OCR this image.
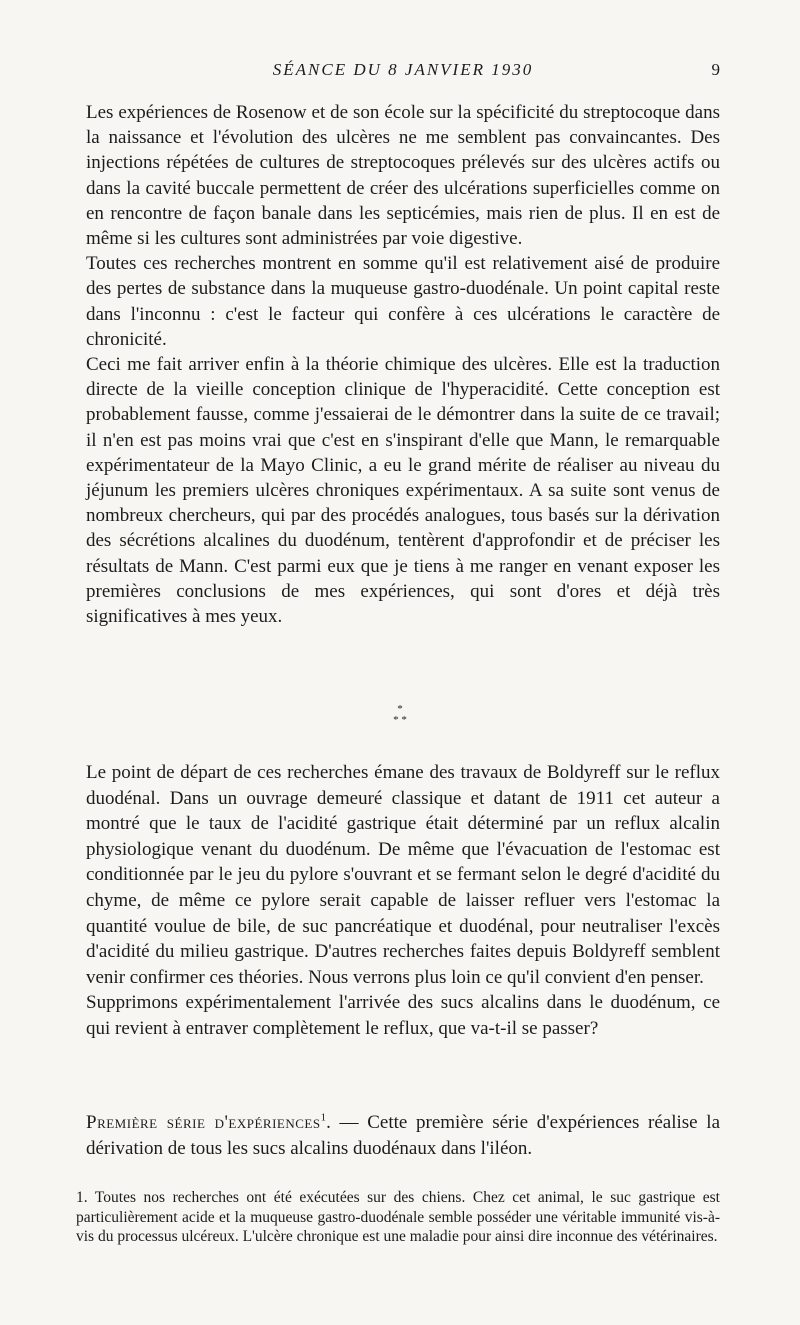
SÉANCE DU 8 JANVIER 1930	9

Les expériences de Rosenow et de son école sur la spécificité du streptocoque dans la naissance et l'évolution des ulcères ne me semblent pas convaincantes. Des injections répétées de cultures de streptocoques prélevés sur des ulcères actifs ou dans la cavité buccale permettent de créer des ulcérations superficielles comme on en rencontre de façon banale dans les septicémies, mais rien de plus. Il en est de même si les cultures sont administrées par voie digestive.

Toutes ces recherches montrent en somme qu'il est relativement aisé de produire des pertes de substance dans la muqueuse gastro-duodénale. Un point capital reste dans l'inconnu : c'est le facteur qui confère à ces ulcérations le caractère de chronicité.

Ceci me fait arriver enfin à la théorie chimique des ulcères. Elle est la traduction directe de la vieille conception clinique de l'hyperacidité. Cette conception est probablement fausse, comme j'essaierai de le démontrer dans la suite de ce travail; il n'en est pas moins vrai que c'est en s'inspirant d'elle que Mann, le remarquable expérimentateur de la Mayo Clinic, a eu le grand mérite de réaliser au niveau du jéjunum les premiers ulcères chroniques expérimentaux. A sa suite sont venus de nombreux chercheurs, qui par des procédés analogues, tous basés sur la dérivation des sécrétions alcalines du duodénum, tentèrent d'approfondir et de préciser les résultats de Mann. C'est parmi eux que je tiens à me ranger en venant exposer les premières conclusions de mes expériences, qui sont d'ores et déjà très significatives à mes yeux.

*
* *

Le point de départ de ces recherches émane des travaux de Boldyreff sur le reflux duodénal. Dans un ouvrage demeuré classique et datant de 1911 cet auteur a montré que le taux de l'acidité gastrique était déterminé par un reflux alcalin physiologique venant du duodénum. De même que l'évacuation de l'estomac est conditionnée par le jeu du pylore s'ouvrant et se fermant selon le degré d'acidité du chyme, de même ce pylore serait capable de laisser refluer vers l'estomac la quantité voulue de bile, de suc pancréatique et duodénal, pour neutraliser l'excès d'acidité du milieu gastrique. D'autres recherches faites depuis Boldyreff semblent venir confirmer ces théories. Nous verrons plus loin ce qu'il convient d'en penser.

Supprimons expérimentalement l'arrivée des sucs alcalins dans le duodénum, ce qui revient à entraver complètement le reflux, que va-t-il se passer?

Première série d'expériences$^1$. — Cette première série d'expériences réalise la dérivation de tous les sucs alcalins duodénaux dans l'iléon.

1. Toutes nos recherches ont été exécutées sur des chiens. Chez cet animal, le suc gastrique est particulièrement acide et la muqueuse gastro-duodénale semble posséder une véritable immunité vis-à-vis du processus ulcéreux. L'ulcère chronique est une maladie pour ainsi dire inconnue des vétérinaires.
